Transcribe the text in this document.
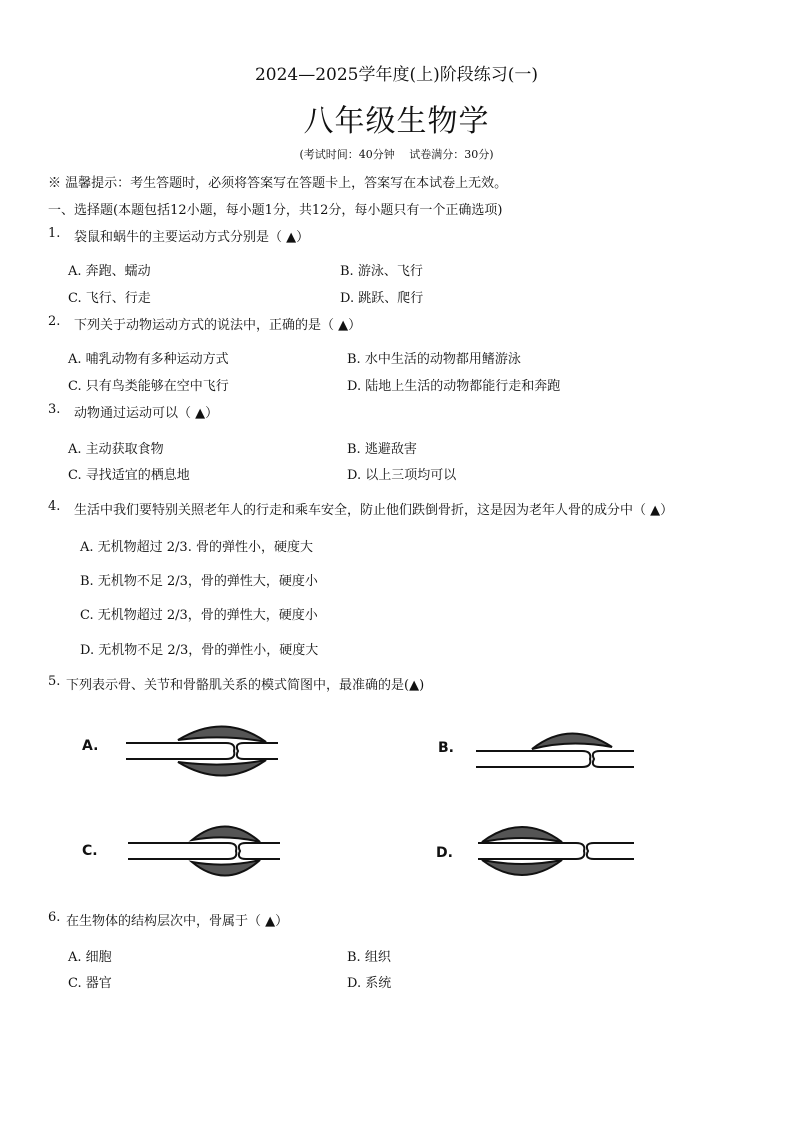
2024—2025学年度(上)阶段练习(一)
八年级生物学
(考试时间：40分钟　 试卷满分：30分)
※ 温馨提示：考生答题时，必须将答案写在答题卡上，答案写在本试卷上无效。
一、选择题(本题包括12小题，每小题1分，共12分，每小题只有一个正确选项)
1. 袋鼠和蜗牛的主要运动方式分别是（ ▲）
A. 奔跑、蠕动	B. 游泳、飞行
C. 飞行、行走	D. 跳跃、爬行
2. 下列关于动物运动方式的说法中，正确的是（ ▲）
A. 哺乳动物有多种运动方式	B. 水中生活的动物都用鳍游泳
C. 只有鸟类能够在空中飞行	D. 陆地上生活的动物都能行走和奔跑
3. 动物通过运动可以（ ▲）
A. 主动获取食物	B. 逃避敌害
C. 寻找适宜的栖息地	D. 以上三项均可以
4. 生活中我们要特别关照老年人的行走和乘车安全，防止他们跌倒骨折，这是因为老年人骨的成分中（ ▲）
A. 无机物超过 2/3. 骨的弹性小，硬度大
B. 无机物不足 2/3，骨的弹性大，硬度小
C. 无机物超过 2/3，骨的弹性大，硬度小
D. 无机物不足 2/3，骨的弹性小，硬度大
5. 下列表示骨、关节和骨骼肌关系的模式简图中，最准确的是(▲)
A.	B.
C.	D.
6. 在生物体的结构层次中，骨属于（ ▲）
A. 细胞	B. 组织
C. 器官	D. 系统
